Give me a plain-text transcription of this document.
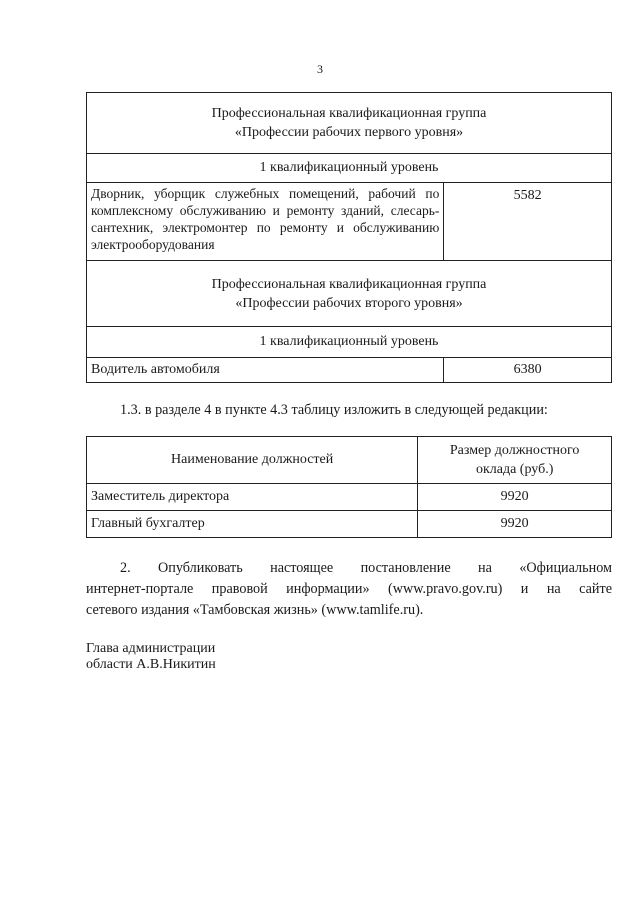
3
Профессиональная квалификационная группа
«Профессии рабочих первого уровня»	
1 квалификационный уровень	
Дворник, уборщик служебных помещений, рабочий по комплексному обслуживанию и ремонту зданий, слесарь-сантехник, электромонтер по ремонту и обслуживанию электрооборудования	5582
Профессиональная квалификационная группа
«Профессии рабочих второго уровня»	
1 квалификационный уровень	
Водитель автомобиля	6380
1.3. в разделе 4 в пункте 4.3 таблицу изложить в следующей редакции:
Наименование должностей	Размер должностного
оклада (руб.)
Заместитель директора	9920
Главный бухгалтер	9920
2. Опубликовать настоящее постановление на «Официальном
интернет-портале правовой информации» (www.pravo.gov.ru) и на сайте
сетевого издания «Тамбовская жизнь» (www.tamlife.ru).
Глава администрации
области А.В.Никитин
